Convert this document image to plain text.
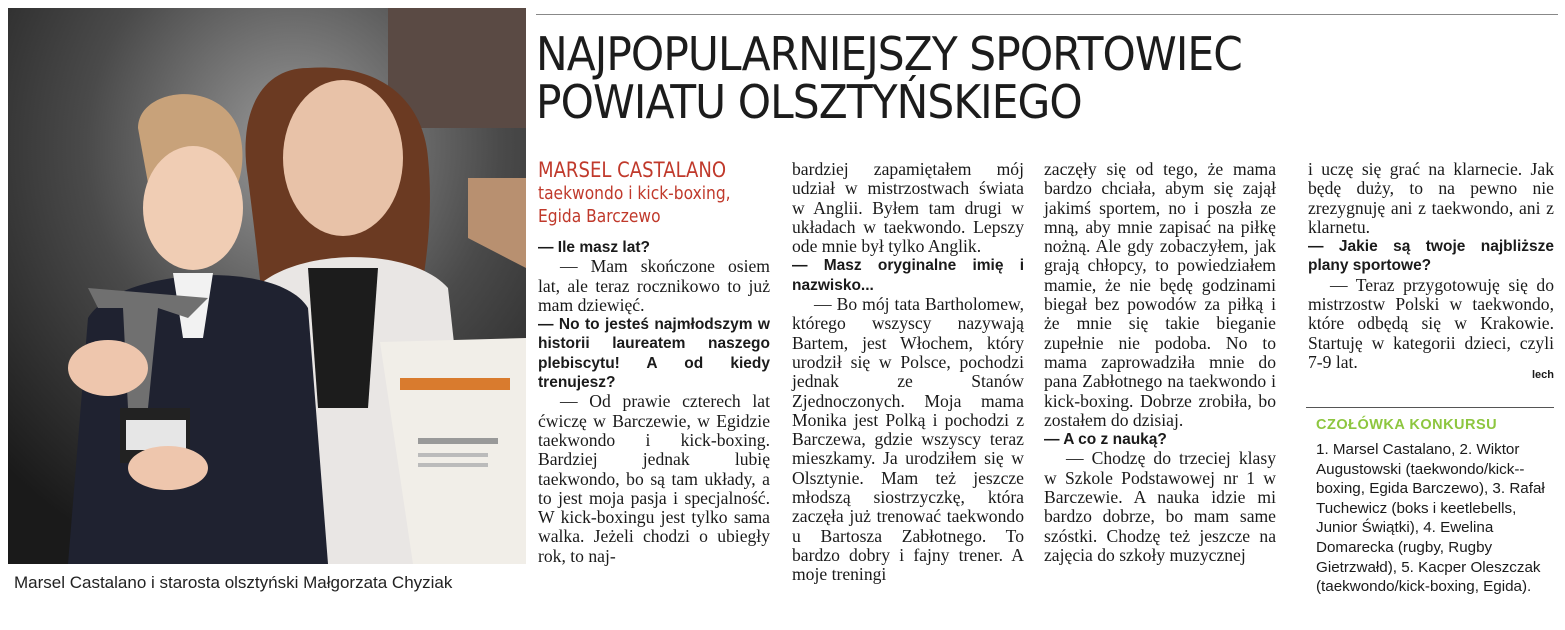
Marsel Castalano i starosta olsztyński Małgorzata Chyziak
NAJPOPULARNIEJSZY SPORTOWIEC
POWIATU OLSZTYŃSKIEGO
MARSEL CASTALANO
taekwondo i kick-boxing,
Egida Barczewo

— Ile masz lat?

— Mam skończone osiem lat, ale teraz rocznikowo to już mam dziewięć.

— No to jesteś najmłodszym w historii laureatem naszego plebiscytu! A od kiedy trenujesz?

— Od prawie czterech lat ćwiczę w Barczewie, w Egidzie taekwondo i kick-boxing. Bardziej jednak lubię taekwondo, bo są tam układy, a to jest moja pasja i specjalność. W kick-boxingu jest tylko sama walka. Jeżeli chodzi o ubiegły rok, to naj-

bardziej zapamiętałem mój udział w mistrzostwach świata w Anglii. Byłem tam drugi w układach w taekwondo. Lepszy ode mnie był tylko Anglik.

— Masz oryginalne imię i nazwisko...

— Bo mój tata Bartholomew, którego wszyscy nazywają Bartem, jest Włochem, który urodził się w Polsce, pochodzi jednak ze Stanów Zjednoczonych. Moja mama Monika jest Polką i pochodzi z Barczewa, gdzie wszyscy teraz mieszkamy. Ja urodziłem się w Olsztynie. Mam też jeszcze młodszą siostrzyczkę, która zaczęła już trenować taekwondo u Bartosza Zabłotnego. To bardzo dobry i fajny trener. A moje treningi

zaczęły się od tego, że mama bardzo chciała, abym się zajął jakimś sportem, no i poszła ze mną, aby mnie zapisać na piłkę nożną. Ale gdy zobaczyłem, jak grają chłopcy, to powiedziałem mamie, że nie będę godzinami biegał bez powodów za piłką i że mnie się takie bieganie zupełnie nie podoba. No to mama zaprowadziła mnie do pana Zabłotnego na taekwondo i kick-boxing. Dobrze zrobiła, bo zostałem do dzisiaj.

— A co z nauką?

— Chodzę do trzeciej klasy w Szkole Podstawowej nr 1 w Barczewie. A nauka idzie mi bardzo dobrze, bo mam same szóstki. Chodzę też jeszcze na zajęcia do szkoły muzycznej

i uczę się grać na klarnecie. Jak będę duży, to na pewno nie zrezygnuję ani z taekwondo, ani z klarnetu.

— Jakie są twoje najbliższe plany sportowe?

— Teraz przygotowuję się do mistrzostw Polski w taekwondo, które odbędą się w Krakowie. Startuję w kategorii dzieci, czyli 7-9 lat.

lech
CZOŁÓWKA KONKURSU
1. Marsel Castalano, 2. Wiktor Augustowski (taekwondo/kick--boxing, Egida Barczewo), 3. Rafał Tuchewicz (boks i keetlebells, Junior Świątki), 4. Ewelina Domarecka (rugby, Rugby Gietrzwałd), 5. Kacper Oleszczak (taekwondo/kick-boxing, Egida).
